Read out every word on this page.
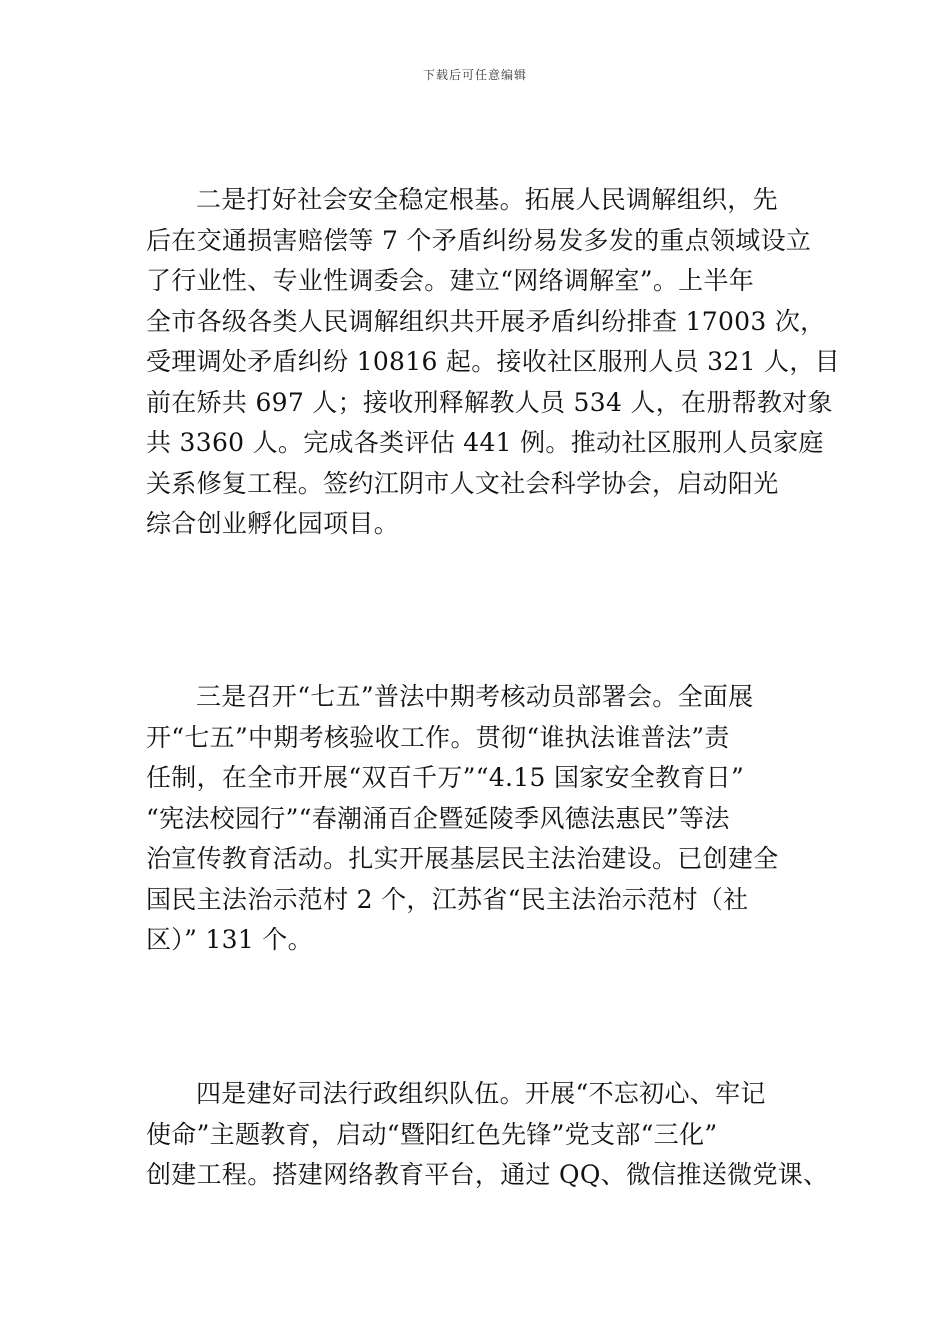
下载后可任意编辑
二是打好社会安全稳定根基。拓展人民调解组织，先
后在交通损害赔偿等 7 个矛盾纠纷易发多发的重点领域设立
了行业性、专业性调委会。建立“网络调解室”。上半年
全市各级各类人民调解组织共开展矛盾纠纷排查 17003 次，
受理调处矛盾纠纷 10816 起。接收社区服刑人员 321 人，目
前在矫共 697 人；接收刑释解教人员 534 人，在册帮教对象
共 3360 人。完成各类评估 441 例。推动社区服刑人员家庭
关系修复工程。签约江阴市人文社会科学协会，启动阳光
综合创业孵化园项目。
三是召开“七五”普法中期考核动员部署会。全面展
开“七五”中期考核验收工作。贯彻“谁执法谁普法”责
任制，在全市开展“双百千万”“4.15 国家安全教育日”
“宪法校园行”“春潮涌百企暨延陵季风德法惠民”等法
治宣传教育活动。扎实开展基层民主法治建设。已创建全
国民主法治示范村 2 个，江苏省“民主法治示范村（社
区）” 131 个。
四是建好司法行政组织队伍。开展“不忘初心、牢记
使命”主题教育，启动“暨阳红色先锋”党支部“三化”
创建工程。搭建网络教育平台，通过 QQ、微信推送微党课、
